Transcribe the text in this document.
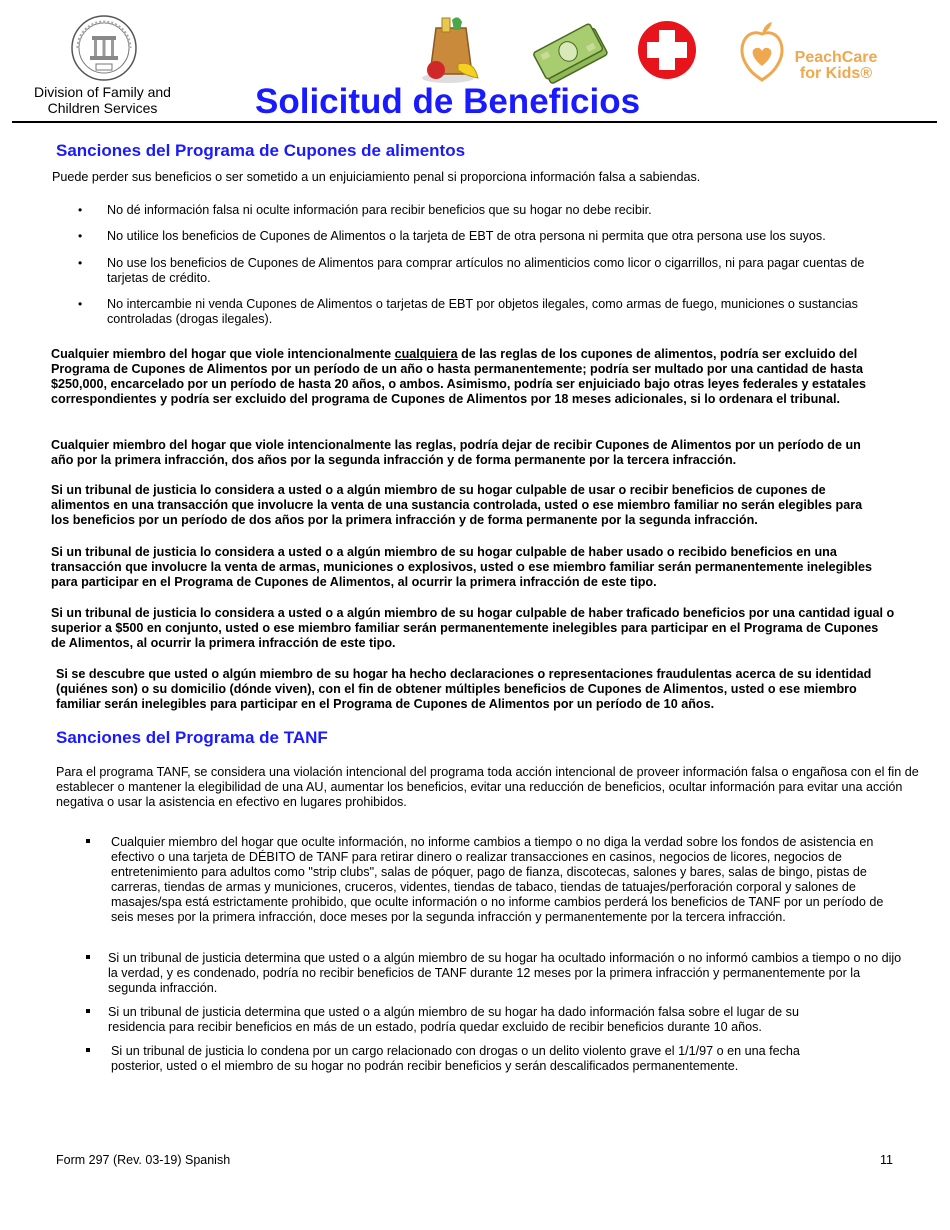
Division of Family and
Children Services
PeachCare
for Kids®
Solicitud de Beneficios
Sanciones del Programa de Cupones de alimentos
Puede perder sus beneficios o ser sometido a un enjuiciamiento penal si proporciona información falsa a sabiendas.
• No dé información falsa ni oculte información para recibir beneficios que su hogar no debe recibir.
• No utilice los beneficios de Cupones de Alimentos o la tarjeta de EBT de otra persona ni permita que otra persona use los suyos.
• No use los beneficios de Cupones de Alimentos para comprar artículos no alimenticios como licor o cigarrillos, ni para pagar cuentas de tarjetas de crédito.
• No intercambie ni venda Cupones de Alimentos o tarjetas de EBT por objetos ilegales, como armas de fuego, municiones o sustancias controladas (drogas ilegales).
Cualquier miembro del hogar que viole intencionalmente cualquiera de las reglas de los cupones de alimentos, podría ser excluido del Programa de Cupones de Alimentos por un período de un año o hasta permanentemente; podría ser multado por una cantidad de hasta $250,000, encarcelado por un período de hasta 20 años, o ambos. Asimismo, podría ser enjuiciado bajo otras leyes federales y estatales correspondientes y podría ser excluido del programa de Cupones de Alimentos por 18 meses adicionales, si lo ordenara el tribunal.
Cualquier miembro del hogar que viole intencionalmente las reglas, podría dejar de recibir Cupones de Alimentos por un período de un año por la primera infracción, dos años por la segunda infracción y de forma permanente por la tercera infracción.
Si un tribunal de justicia lo considera a usted o a algún miembro de su hogar culpable de usar o recibir beneficios de cupones de alimentos en una transacción que involucre la venta de una sustancia controlada, usted o ese miembro familiar no serán elegibles para los beneficios por un período de dos años por la primera infracción y de forma permanente por la segunda infracción.
Si un tribunal de justicia lo considera a usted o a algún miembro de su hogar culpable de haber usado o recibido beneficios en una transacción que involucre la venta de armas, municiones o explosivos, usted o ese miembro familiar serán permanentemente inelegibles para participar en el Programa de Cupones de Alimentos, al ocurrir la primera infracción de este tipo.
Si un tribunal de justicia lo considera a usted o a algún miembro de su hogar culpable de haber traficado beneficios por una cantidad igual o superior a $500 en conjunto, usted o ese miembro familiar serán permanentemente inelegibles para participar en el Programa de Cupones de Alimentos, al ocurrir la primera infracción de este tipo.
Si se descubre que usted o algún miembro de su hogar ha hecho declaraciones o representaciones fraudulentas acerca de su identidad (quiénes son) o su domicilio (dónde viven), con el fin de obtener múltiples beneficios de Cupones de Alimentos, usted o ese miembro familiar serán inelegibles para participar en el Programa de Cupones de Alimentos por un período de 10 años.
Sanciones del Programa de TANF
Para el programa TANF, se considera una violación intencional del programa toda acción intencional de proveer información falsa o engañosa con el fin de establecer o mantener la elegibilidad de una AU, aumentar los beneficios, evitar una reducción de beneficios, ocultar información para evitar una acción negativa o usar la asistencia en efectivo en lugares prohibidos.
Cualquier miembro del hogar que oculte información, no informe cambios a tiempo o no diga la verdad sobre los fondos de asistencia en efectivo o una tarjeta de DÉBITO de TANF para retirar dinero o realizar transacciones en casinos, negocios de licores, negocios de entretenimiento para adultos como "strip clubs", salas de póquer, pago de fianza, discotecas, salones y bares, salas de bingo, pistas de carreras, tiendas de armas y municiones, cruceros, videntes, tiendas de tabaco, tiendas de tatuajes/perforación corporal y salones de masajes/spa está estrictamente prohibido, que oculte información o no informe cambios perderá los beneficios de TANF por un período de seis meses por la primera infracción, doce meses por la segunda infracción y permanentemente por la tercera infracción.
Si un tribunal de justicia determina que usted o a algún miembro de su hogar ha ocultado información o no informó cambios a tiempo o no dijo la verdad, y es condenado, podría no recibir beneficios de TANF durante 12 meses por la primera infracción y permanentemente por la segunda infracción.
Si un tribunal de justicia determina que usted o a algún miembro de su hogar ha dado información falsa sobre el lugar de su residencia para recibir beneficios en más de un estado, podría quedar excluido de recibir beneficios durante 10 años.
Si un tribunal de justicia lo condena por un cargo relacionado con drogas o un delito violento grave el 1/1/97 o en una fecha posterior, usted o el miembro de su hogar no podrán recibir beneficios y serán descalificados permanentemente.
Form 297 (Rev. 03-19) Spanish	11
